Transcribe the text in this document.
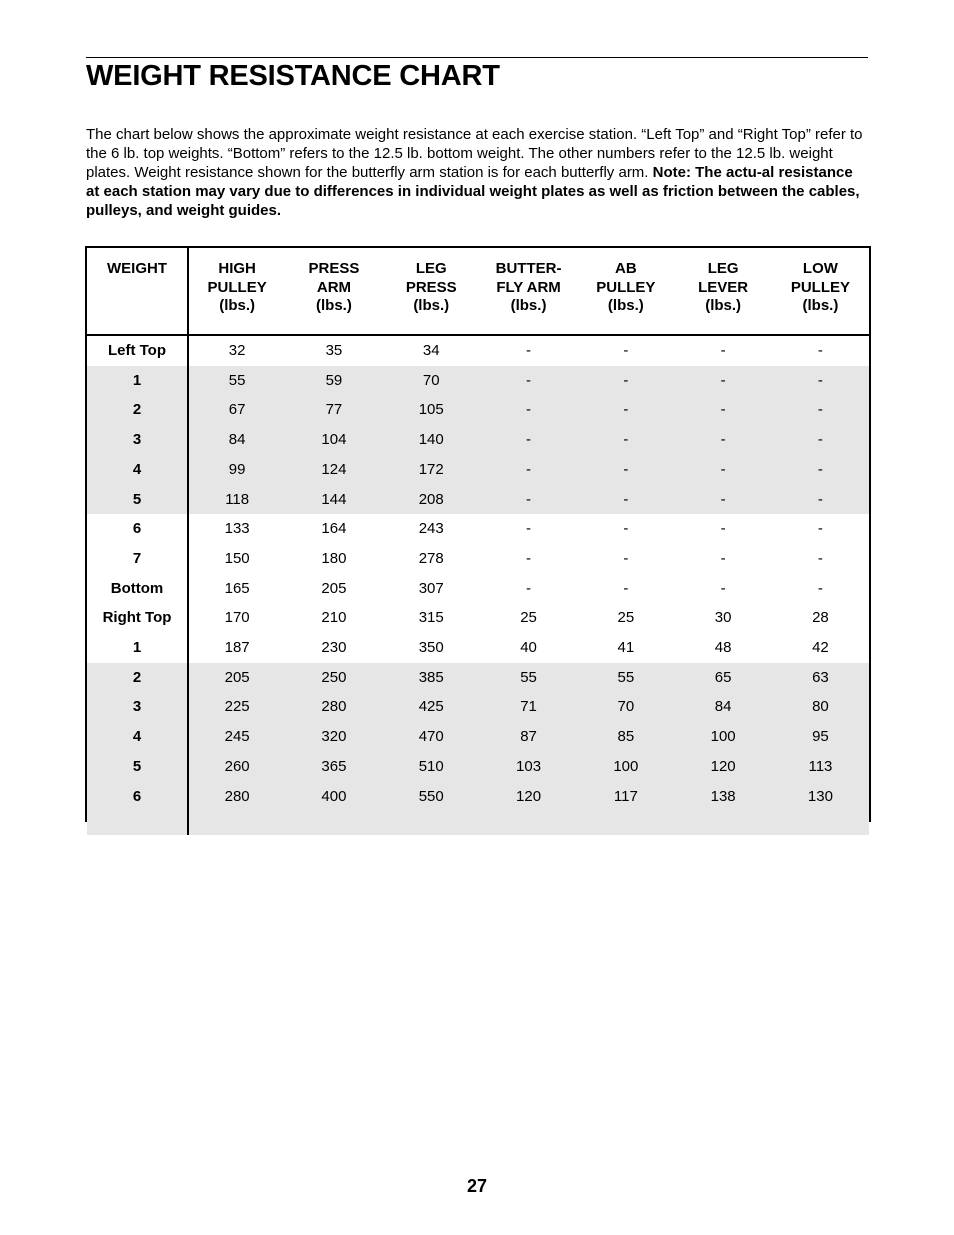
WEIGHT RESISTANCE CHART

The chart below shows the approximate weight resistance at each exercise station. “Left Top” and “Right Top” refer to the 6 lb. top weights. “Bottom” refers to the 12.5 lb. bottom weight. The other numbers refer to the 12.5 lb. weight plates. Weight resistance shown for the butterfly arm station is for each butterfly arm. Note: The actu-al resistance at each station may vary due to differences in individual weight plates as well as friction between the cables, pulleys, and weight guides.

WEIGHT	HIGH
PULLEY
(lbs.)	PRESS
ARM
(lbs.)	LEG
PRESS
(lbs.)	BUTTER-
FLY ARM
(lbs.)	AB
PULLEY
(lbs.)	LEG
LEVER
(lbs.)	LOW
PULLEY
(lbs.)

Left Top	32	35	34	-	-	-	-
1	55	59	70	-	-	-	-
2	67	77	105	-	-	-	-
3	84	104	140	-	-	-	-
4	99	124	172	-	-	-	-
5	118	144	208	-	-	-	-
6	133	164	243	-	-	-	-
7	150	180	278	-	-	-	-
Bottom	165	205	307	-	-	-	-
Right Top	170	210	315	25	25	30	28
1	187	230	350	40	41	48	42
2	205	250	385	55	55	65	63
3	225	280	425	71	70	84	80
4	245	320	470	87	85	100	95
5	260	365	510	103	100	120	113
6	280	400	550	120	117	138	130

27
